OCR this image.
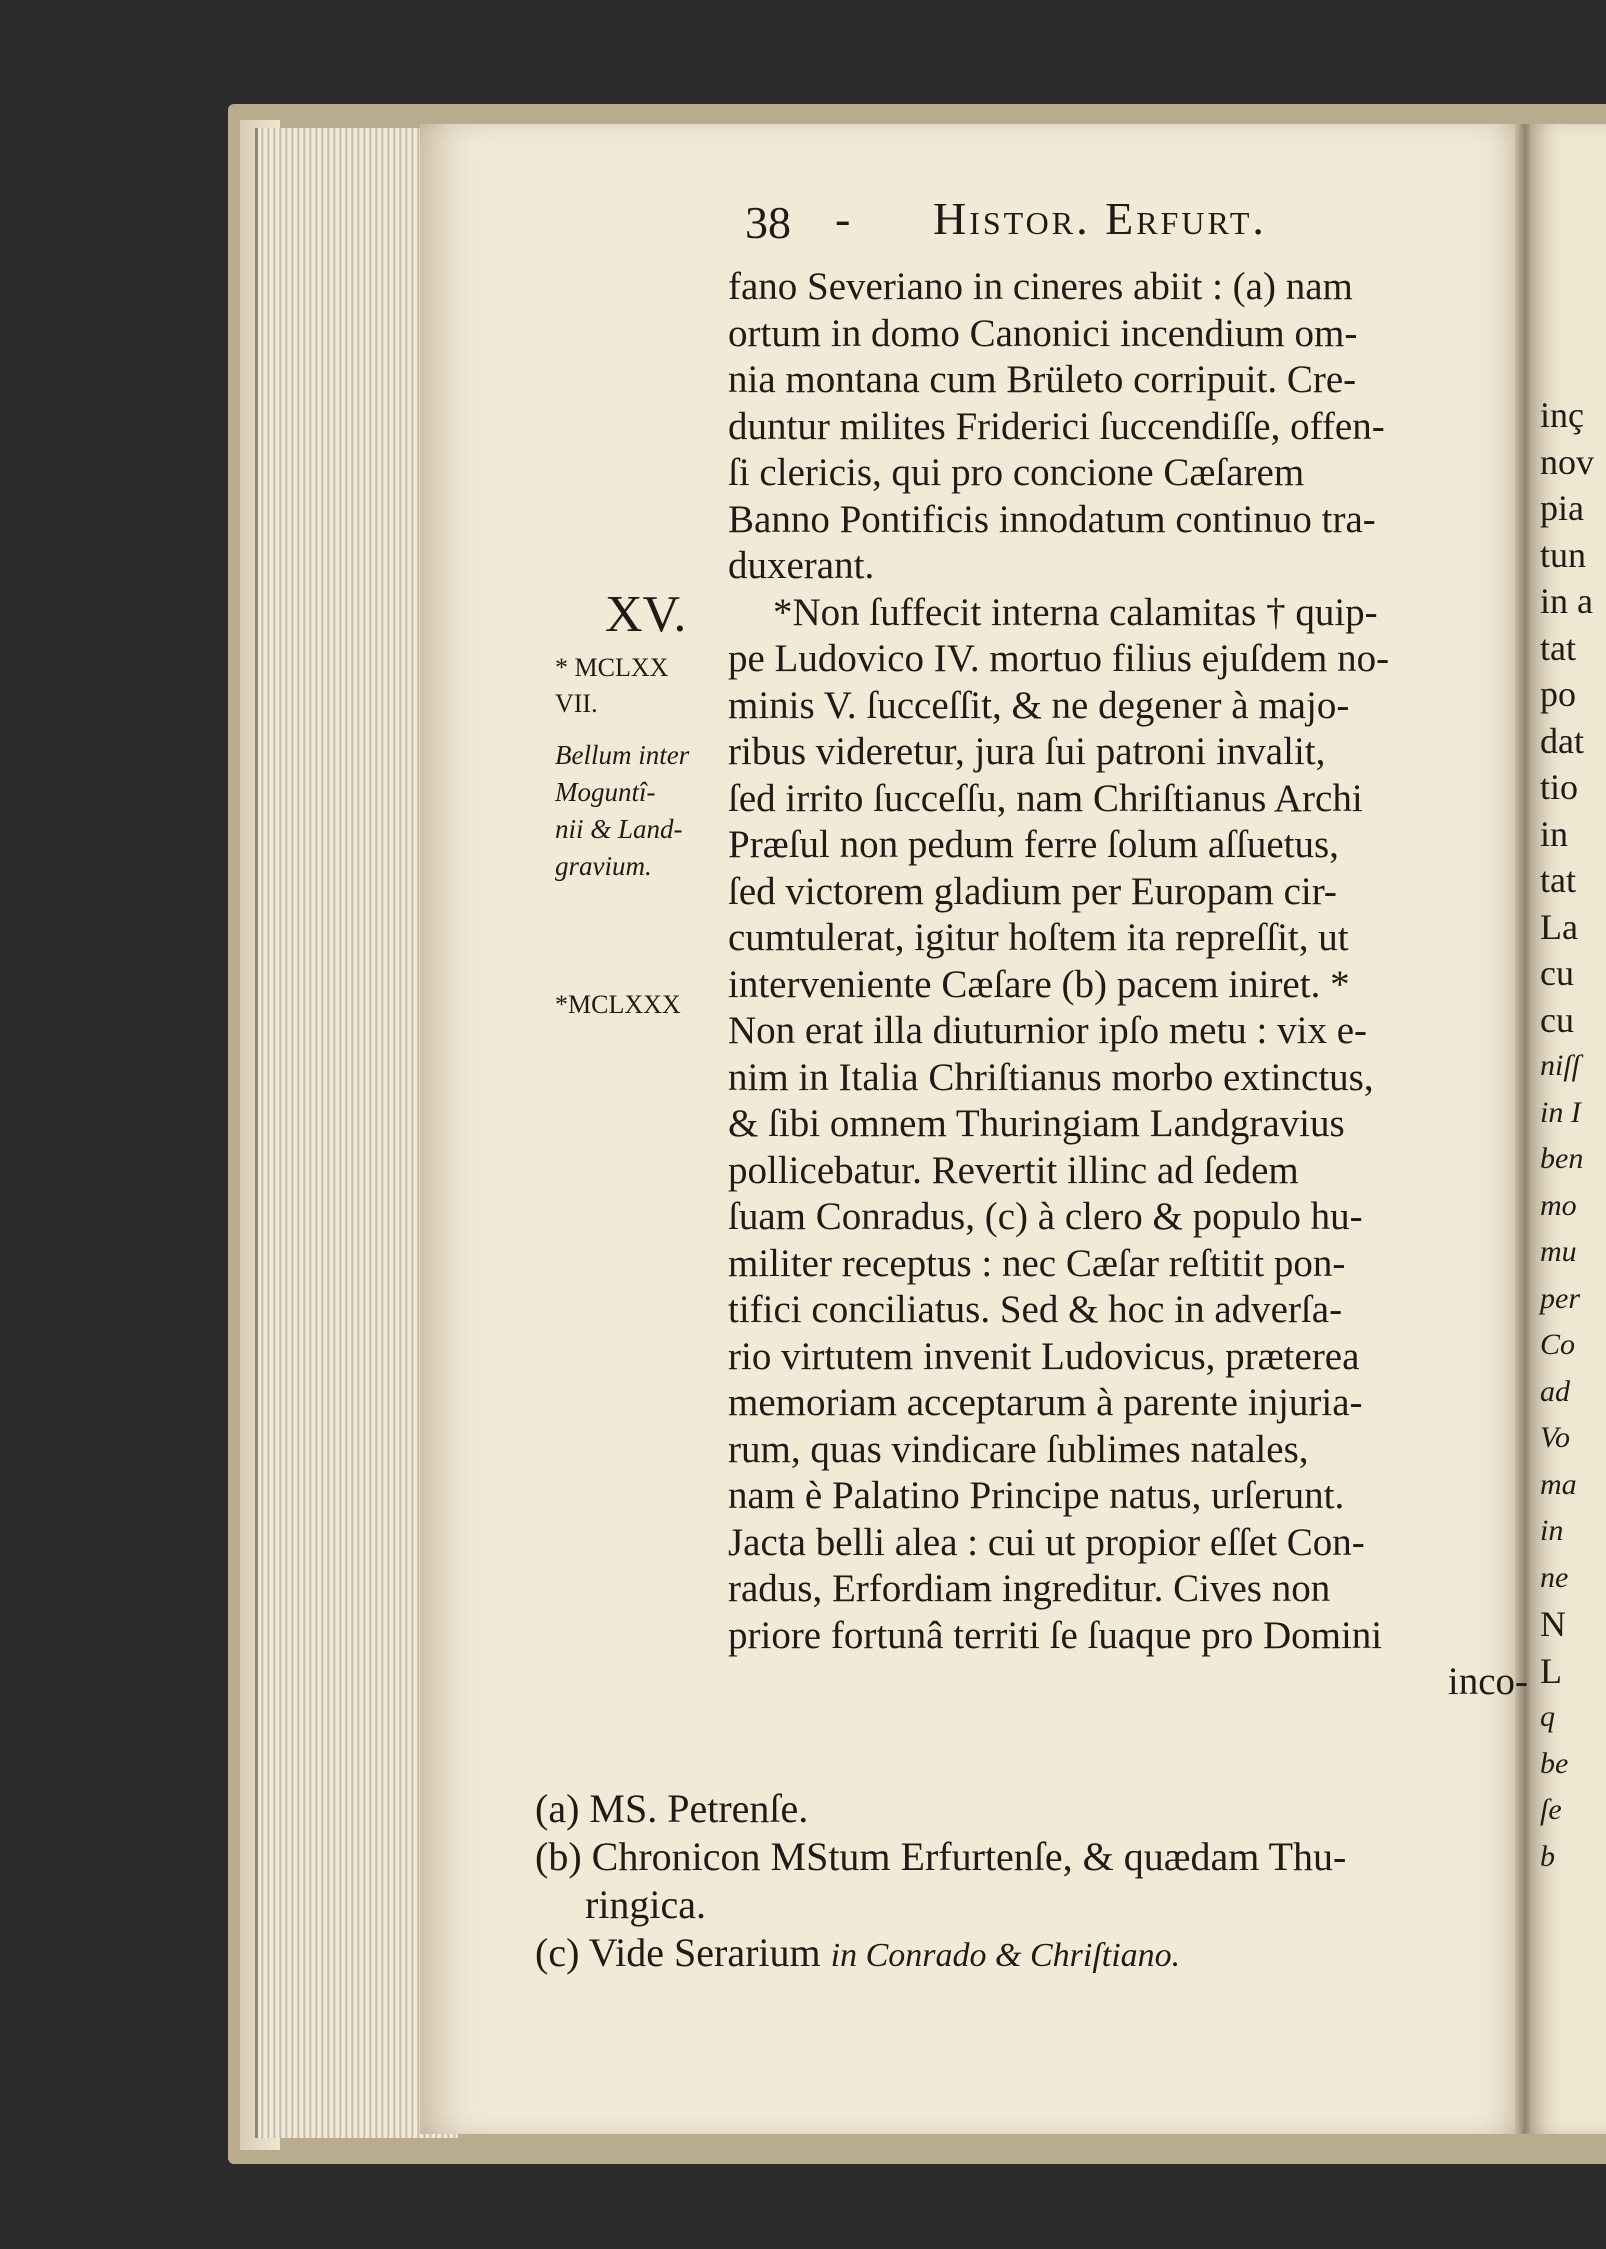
inç
nov
pia
tun
in a
tat
po
dat
tio
in
tat
La
cu
cu
niſſ
in I
ben
mo
mu
per
Co
ad
Vo
ma
in
ne
N
L
q
be
ſe
b
38 - Histor. Erfurt.
XV.
* MCLXX
VII.
Bellum inter
Moguntî-
nii & Land-
gravium.
*MCLXXX
fano Severiano in cineres abiit : (a) nam
ortum in domo Canonici incendium om-
nia montana cum Brületo corripuit. Cre-
duntur milites Friderici ſuccendiſſe, offen-
ſi clericis, qui pro concione Cæſarem
Banno Pontificis innodatum continuo tra-
duxerant.
*Non ſuffecit interna calamitas † quip-
pe Ludovico IV. mortuo filius ejuſdem no-
minis V. ſucceſſit, & ne degener à majo-
ribus videretur, jura ſui patroni invalit,
ſed irrito ſucceſſu, nam Chriſtianus Archi
Præſul non pedum ferre ſolum aſſuetus,
ſed victorem gladium per Europam cir-
cumtulerat, igitur hoſtem ita repreſſit, ut
interveniente Cæſare (b) pacem iniret. *
Non erat illa diuturnior ipſo metu : vix e-
nim in Italia Chriſtianus morbo extinctus,
& ſibi omnem Thuringiam Landgravius
pollicebatur. Revertit illinc ad ſedem
ſuam Conradus, (c) à clero & populo hu-
militer receptus : nec Cæſar reſtitit pon-
tifici conciliatus. Sed & hoc in adverſa-
rio virtutem invenit Ludovicus, præterea
memoriam acceptarum à parente injuria-
rum, quas vindicare ſublimes natales,
nam è Palatino Principe natus, urſerunt.
Jacta belli alea : cui ut propior eſſet Con-
radus, Erfordiam ingreditur. Cives non
priore fortunâ territi ſe ſuaque pro Domini
inco-
(a) MS. Petrenſe.
(b) Chronicon MStum Erfurtenſe, & quædam Thu-
ringica.
(c) Vide Serarium in Conrado & Chriſtiano.
